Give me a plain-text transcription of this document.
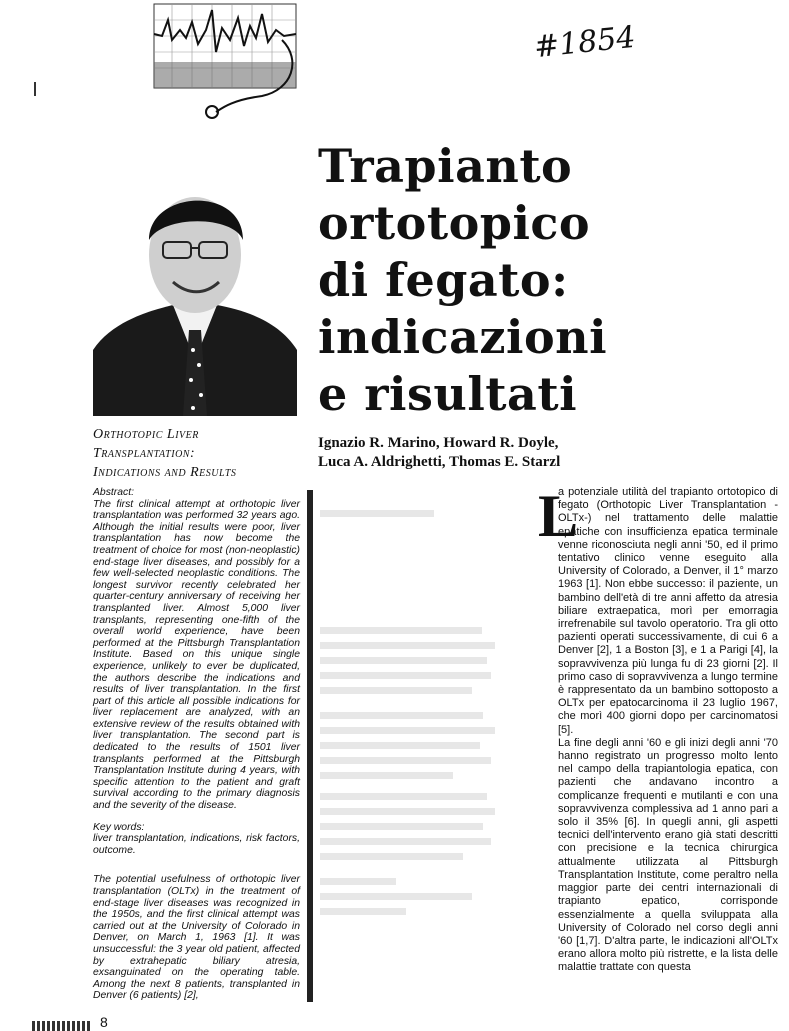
#1854
Trapianto
ortotopico
di fegato:
indicazioni
e risultati
Orthotopic Liver
Transplantation:
Indications and Results
Ignazio R. Marino, Howard R. Doyle,
Luca A. Aldrighetti, Thomas E. Starzl

Abstract:
The first clinical attempt at orthotopic liver transplantation was performed 32 years ago. Although the initial results were poor, liver transplantation has now become the treatment of choice for most (non-neoplastic) end-stage liver diseases, and possibly for a few well-selected neoplastic conditions. The longest survivor recently celebrated her quarter-century anniversary of receiving her transplanted liver. Almost 5,000 liver transplants, representing one-fifth of the overall world experience, have been performed at the Pittsburgh Transplantation Institute. Based on this unique single experience, unlikely to ever be duplicated, the authors describe the indications and results of liver transplantation. In the first part of this article all possible indications for liver replacement are analyzed, with an extensive review of the results obtained with liver transplantation. The second part is dedicated to the results of 1501 liver transplants performed at the Pittsburgh Transplantation Institute during 4 years, with specific attention to the patient and graft survival according to the primary diagnosis and the severity of the disease.

Key words:
liver transplantation, indications, risk factors, outcome.

The potential usefulness of orthotopic liver transplantation (OLTx) in the treatment of end-stage liver diseases was recognized in the 1950s, and the first clinical attempt was carried out at the University of Colorado in Denver, on March 1, 1963 [1]. It was unsuccessful: the 3 year old patient, affected by extrahepatic biliary atresia, exsanguinated on the operating table. Among the next 8 patients, transplanted in Denver (6 patients) [2],

L

a potenziale utilità del trapianto ortotopico di fegato (Orthotopic Liver Transplantation - OLTx-) nel trattamento delle malattie epatiche con insufficienza epatica terminale venne riconosciuta negli anni '50, ed il primo tentativo clinico venne eseguito alla University of Colorado, a Denver, il 1° marzo 1963 [1]. Non ebbe successo: il paziente, un bambino dell'età di tre anni affetto da atresia biliare extraepatica, morì per emorragia irrefrenabile sul tavolo operatorio. Tra gli otto pazienti operati successivamente, di cui 6 a Denver [2], 1 a Boston [3], e 1 a Parigi [4], la sopravvivenza più lunga fu di 23 giorni [2]. Il primo caso di sopravvivenza a lungo termine è rappresentato da un bambino sottoposto a OLTx per epatocarcinoma il 23 luglio 1967, che morì 400 giorni dopo per carcinomatosi [5].

La fine degli anni '60 e gli inizi degli anni '70 hanno registrato un progresso molto lento nel campo della trapiantologia epatica, con pazienti che andavano incontro a complicanze frequenti e mutilanti e con una sopravvivenza complessiva ad 1 anno pari a solo il 35% [6]. In quegli anni, gli aspetti tecnici dell'intervento erano già stati descritti con precisione e la tecnica chirurgica attualmente utilizzata al Pittsburgh Transplantation Institute, come peraltro nella maggior parte dei centri internazionali di trapianto epatico, corrisponde essenzialmente a quella sviluppata alla University of Colorado nel corso degli anni '60 [1,7]. D'altra parte, le indicazioni all'OLTx erano allora molto più ristrette, e la lista delle malattie trattate con questa

8
